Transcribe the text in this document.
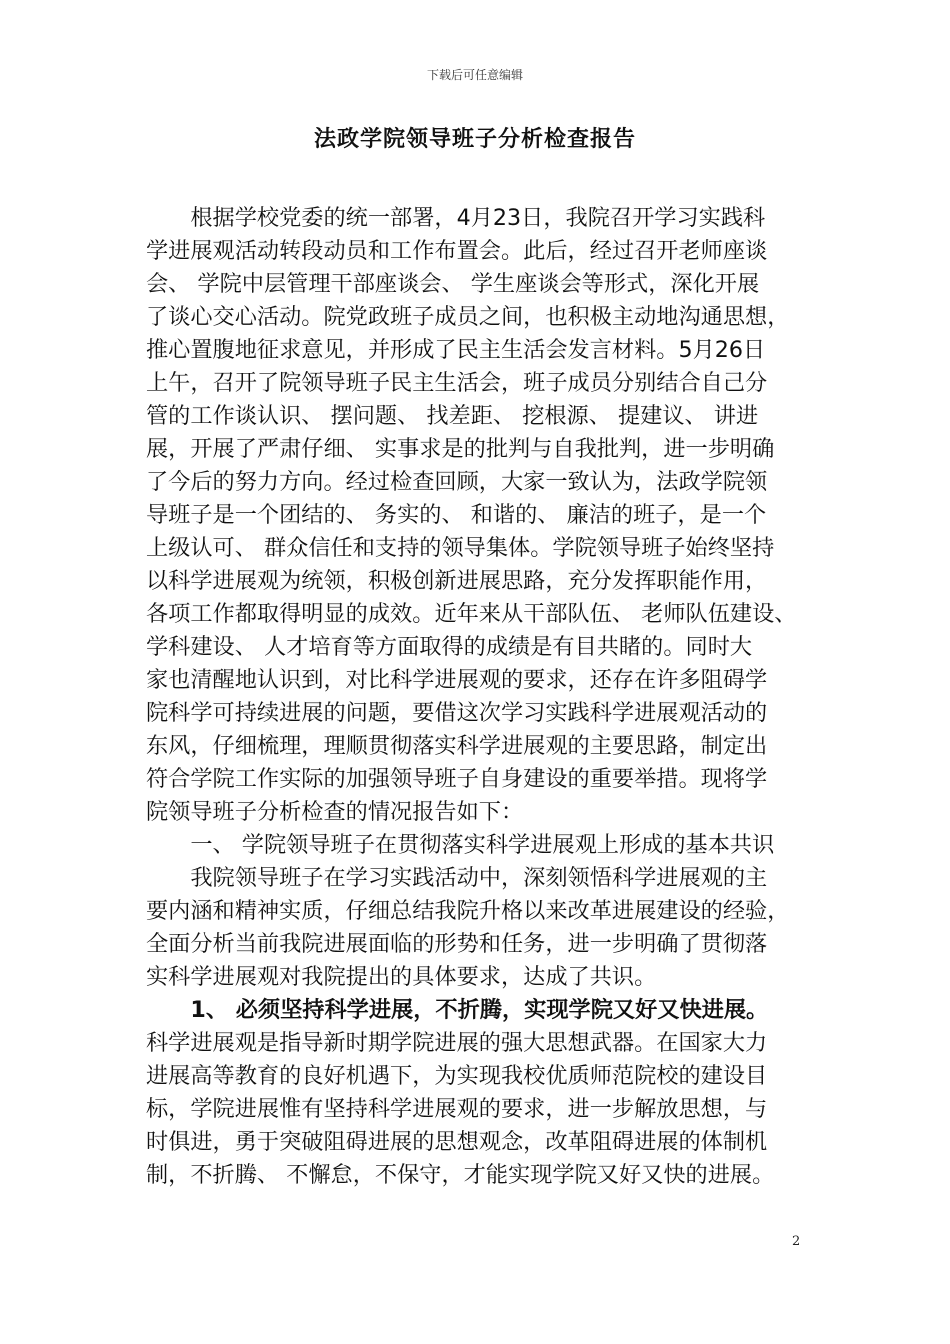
下载后可任意编辑
法政学院领导班子分析检查报告
　　根据学校党委的统一部署，4月23日，我院召开学习实践科
学进展观活动转段动员和工作布置会。此后，经过召开老师座谈
会、 学院中层管理干部座谈会、 学生座谈会等形式，深化开展
了谈心交心活动。院党政班子成员之间，也积极主动地沟通思想，
推心置腹地征求意见，并形成了民主生活会发言材料。5月26日
上午，召开了院领导班子民主生活会，班子成员分别结合自己分
管的工作谈认识、 摆问题、 找差距、 挖根源、 提建议、 讲进
展，开展了严肃仔细、 实事求是的批判与自我批判，进一步明确
了今后的努力方向。经过检查回顾，大家一致认为，法政学院领
导班子是一个团结的、 务实的、 和谐的、 廉洁的班子，是一个
上级认可、 群众信任和支持的领导集体。学院领导班子始终坚持
以科学进展观为统领，积极创新进展思路，充分发挥职能作用，
各项工作都取得明显的成效。近年来从干部队伍、 老师队伍建设、
学科建设、 人才培育等方面取得的成绩是有目共睹的。同时大
家也清醒地认识到，对比科学进展观的要求，还存在许多阻碍学
院科学可持续进展的问题，要借这次学习实践科学进展观活动的
东风，仔细梳理，理顺贯彻落实科学进展观的主要思路，制定出
符合学院工作实际的加强领导班子自身建设的重要举措。现将学
院领导班子分析检查的情况报告如下：
　　一、 学院领导班子在贯彻落实科学进展观上形成的基本共识
　　我院领导班子在学习实践活动中，深刻领悟科学进展观的主
要内涵和精神实质，仔细总结我院升格以来改革进展建设的经验，
全面分析当前我院进展面临的形势和任务，进一步明确了贯彻落
实科学进展观对我院提出的具体要求，达成了共识。
　　1、 必须坚持科学进展，不折腾，实现学院又好又快进展。
科学进展观是指导新时期学院进展的强大思想武器。在国家大力
进展高等教育的良好机遇下，为实现我校优质师范院校的建设目
标，学院进展惟有坚持科学进展观的要求，进一步解放思想，与
时俱进，勇于突破阻碍进展的思想观念，改革阻碍进展的体制机
制，不折腾、 不懈怠，不保守，才能实现学院又好又快的进展。
2
